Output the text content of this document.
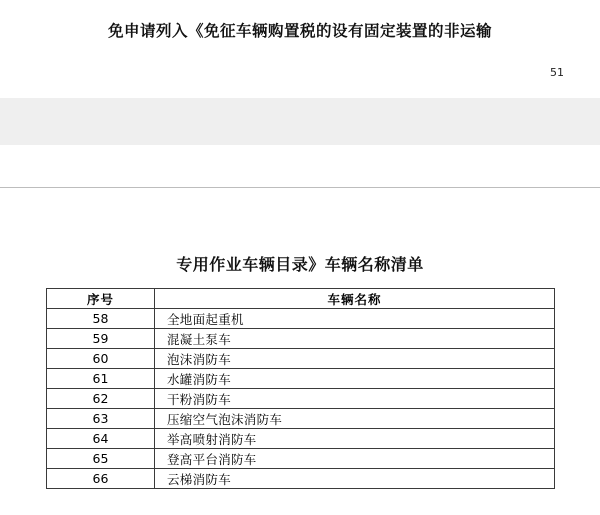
免申请列入《免征车辆购置税的设有固定装置的非运输
51
专用作业车辆目录》车辆名称清单
序号	车辆名称
58	全地面起重机
59	混凝土泵车
60	泡沫消防车
61	水罐消防车
62	干粉消防车
63	压缩空气泡沫消防车
64	举高喷射消防车
65	登高平台消防车
66	云梯消防车
